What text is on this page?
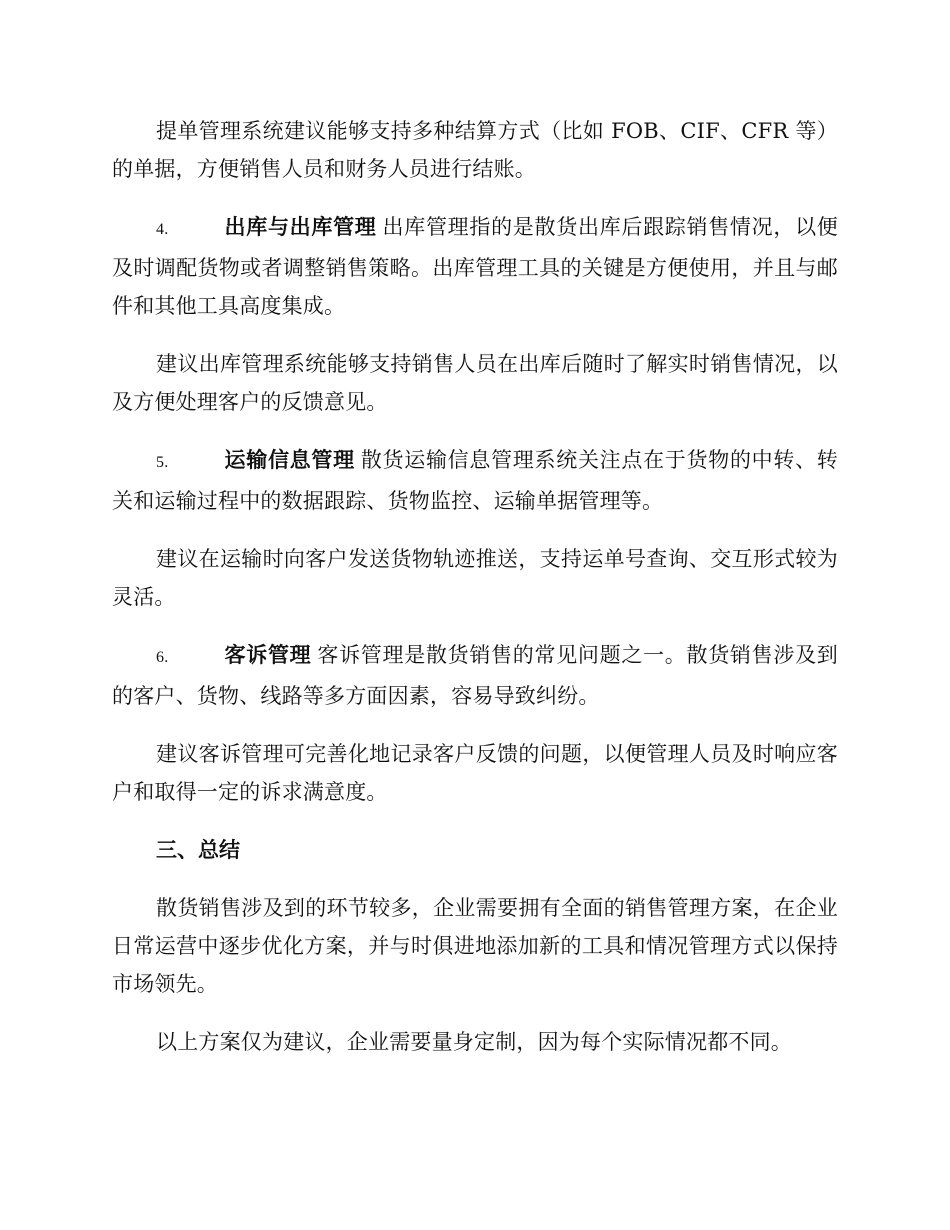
提单管理系统建议能够支持多种结算方式（比如 FOB、CIF、CFR 等）的单据，方便销售人员和财务人员进行结账。

4.	出库与出库管理 出库管理指的是散货出库后跟踪销售情况，以便及时调配货物或者调整销售策略。出库管理工具的关键是方便使用，并且与邮件和其他工具高度集成。

建议出库管理系统能够支持销售人员在出库后随时了解实时销售情况，以及方便处理客户的反馈意见。

5.	运输信息管理 散货运输信息管理系统关注点在于货物的中转、转关和运输过程中的数据跟踪、货物监控、运输单据管理等。

建议在运输时向客户发送货物轨迹推送，支持运单号查询、交互形式较为灵活。

6.	客诉管理 客诉管理是散货销售的常见问题之一。散货销售涉及到的客户、货物、线路等多方面因素，容易导致纠纷。

建议客诉管理可完善化地记录客户反馈的问题，以便管理人员及时响应客户和取得一定的诉求满意度。

三、总结

散货销售涉及到的环节较多，企业需要拥有全面的销售管理方案，在企业日常运营中逐步优化方案，并与时俱进地添加新的工具和情况管理方式以保持市场领先。

以上方案仅为建议，企业需要量身定制，因为每个实际情况都不同。
